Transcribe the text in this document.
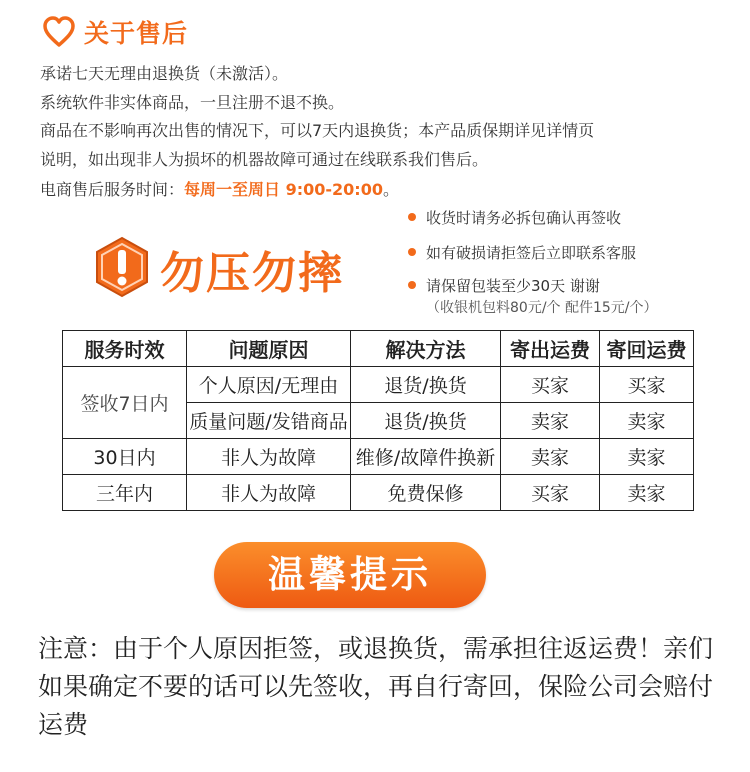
关于售后
承诺七天无理由退换货（未激活）。
系统软件非实体商品，一旦注册不退不换。
商品在不影响再次出售的情况下，可以7天内退换货；本产品质保期详见详情页
说明，如出现非人为损坏的机器故障可通过在线联系我们售后。
电商售后服务时间：每周一至周日 9:00-20:00。
勿压勿摔
收货时请务必拆包确认再签收
如有破损请拒签后立即联系客服
请保留包装至少30天 谢谢
（收银机包料80元/个 配件15元/个）
服务时效	问题原因	解决方法	寄出运费	寄回运费
签收7日内	个人原因/无理由	退货/换货	买家	买家
	质量问题/发错商品	退货/换货	卖家	卖家
30日内	非人为故障	维修/故障件换新	卖家	卖家
三年内	非人为故障	免费保修	买家	卖家
温馨提示
注意：由于个人原因拒签，或退换货，需承担往返运费！亲们如果确定不要的话可以先签收，再自行寄回，保险公司会赔付运费
